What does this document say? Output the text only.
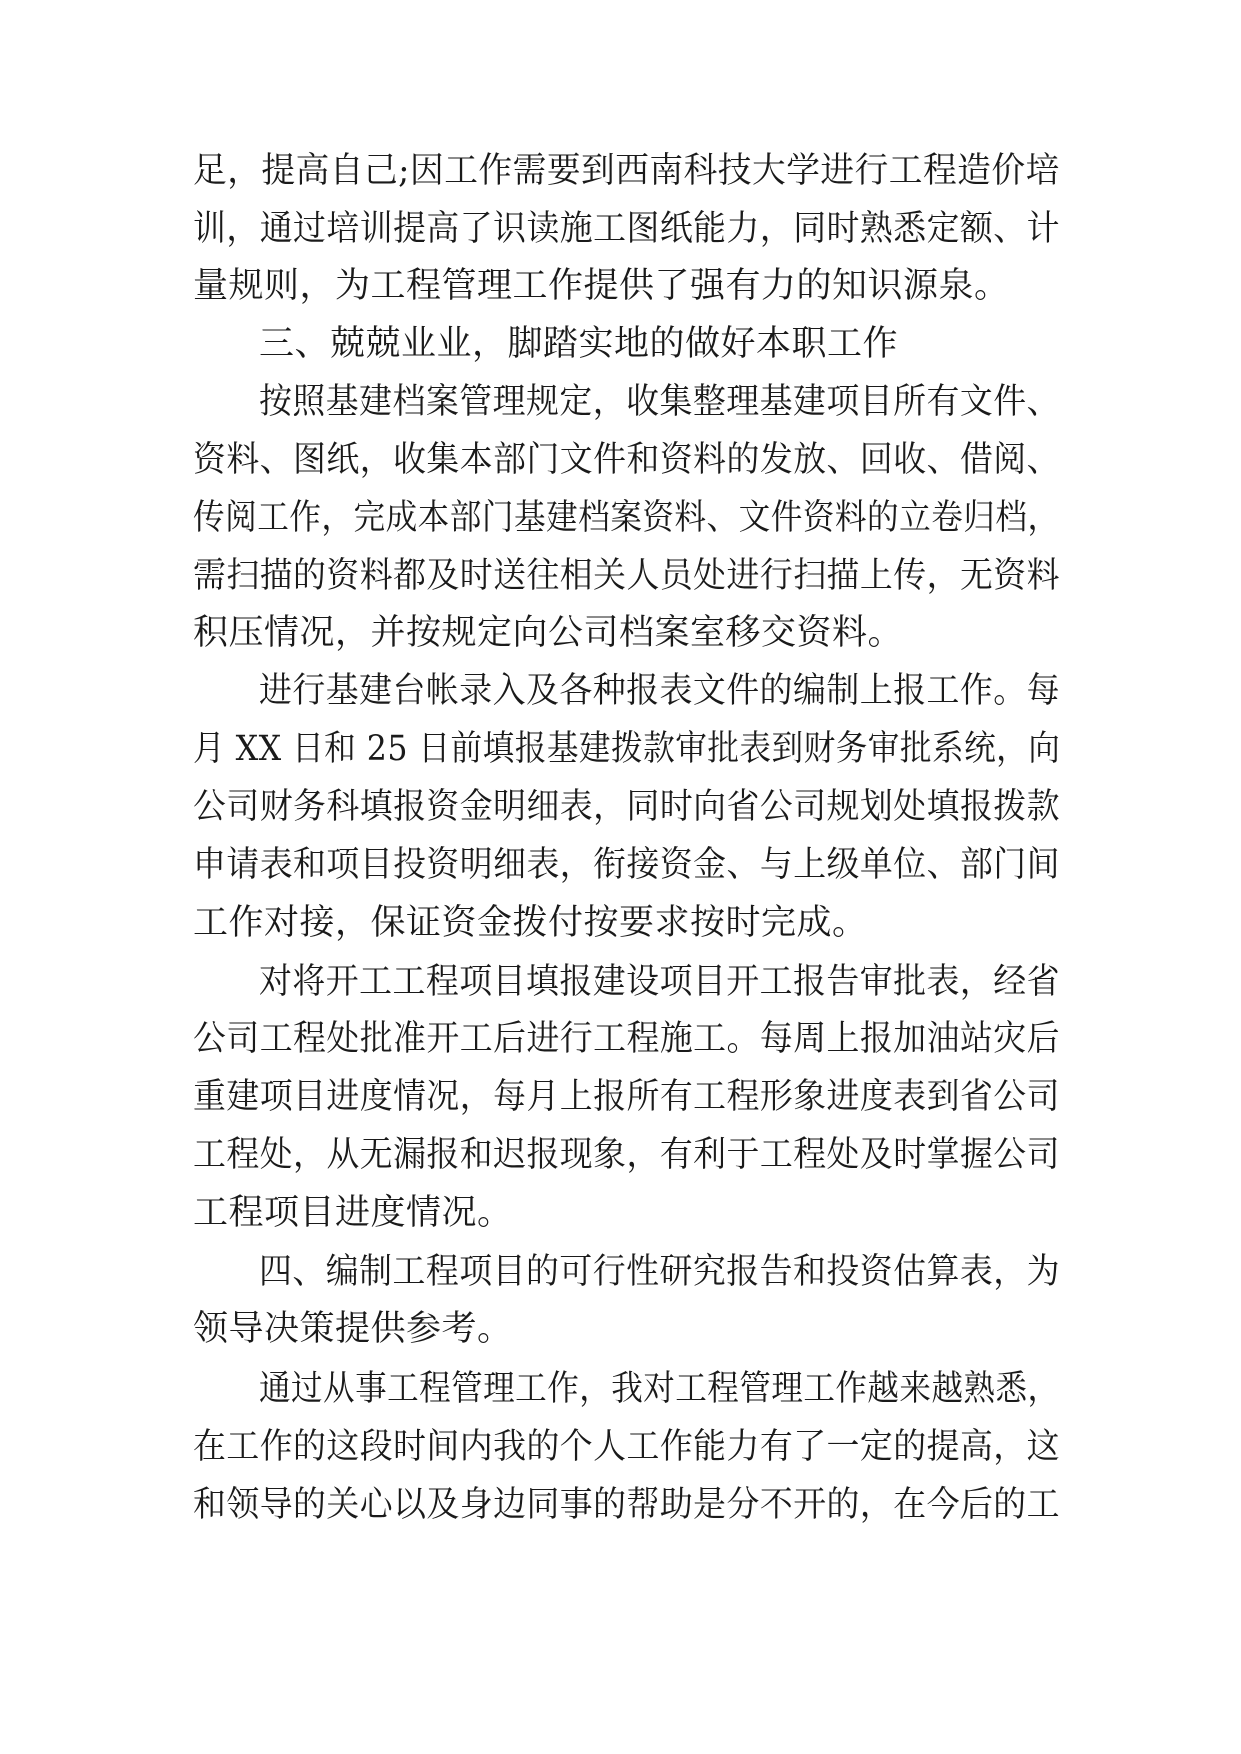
足，提高自己;因工作需要到西南科技大学进行工程造价培
训，通过培训提高了识读施工图纸能力，同时熟悉定额、计
量规则，为工程管理工作提供了强有力的知识源泉。
三、兢兢业业，脚踏实地的做好本职工作
按照基建档案管理规定，收集整理基建项目所有文件、
资料、图纸，收集本部门文件和资料的发放、回收、借阅、
传阅工作，完成本部门基建档案资料、文件资料的立卷归档，
需扫描的资料都及时送往相关人员处进行扫描上传，无资料
积压情况，并按规定向公司档案室移交资料。
进行基建台帐录入及各种报表文件的编制上报工作。每
月 XX 日和 25 日前填报基建拨款审批表到财务审批系统，向
公司财务科填报资金明细表，同时向省公司规划处填报拨款
申请表和项目投资明细表，衔接资金、与上级单位、部门间
工作对接，保证资金拨付按要求按时完成。
对将开工工程项目填报建设项目开工报告审批表，经省
公司工程处批准开工后进行工程施工。每周上报加油站灾后
重建项目进度情况，每月上报所有工程形象进度表到省公司
工程处，从无漏报和迟报现象，有利于工程处及时掌握公司
工程项目进度情况。
四、编制工程项目的可行性研究报告和投资估算表，为
领导决策提供参考。
通过从事工程管理工作，我对工程管理工作越来越熟悉，
在工作的这段时间内我的个人工作能力有了一定的提高，这
和领导的关心以及身边同事的帮助是分不开的，在今后的工
